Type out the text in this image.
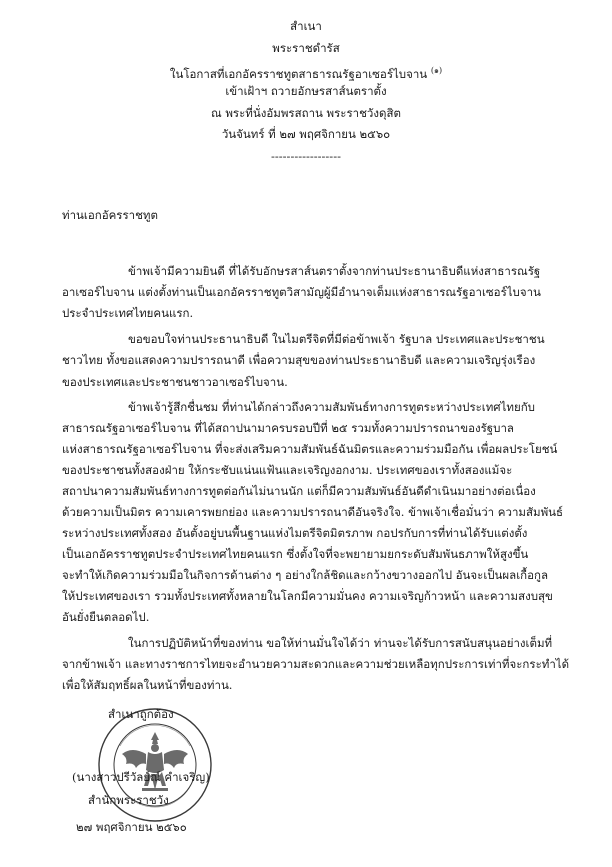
สำเนา
พระราชดำรัส
ในโอกาสที่เอกอัครราชทูตสาธารณรัฐอาเซอร์ไบจาน $^{(๑)}$
เข้าเฝ้าฯ ถวายอักษรสาส์นตราตั้ง
ณ พระที่นั่งอัมพรสถาน พระราชวังดุสิต
วันจันทร์ ที่ ๒๗ พฤศจิกายน ๒๕๖๐
------------------
ท่านเอกอัครราชทูต
ข้าพเจ้ามีความยินดี ที่ได้รับอักษรสาส์นตราตั้งจากท่านประธานาธิบดีแห่งสาธารณรัฐ
อาเซอร์ไบจาน แต่งตั้งท่านเป็นเอกอัครราชทูตวิสามัญผู้มีอำนาจเต็มแห่งสาธารณรัฐอาเซอร์ไบจาน
ประจำประเทศไทยคนแรก.
ขอขอบใจท่านประธานาธิบดี ในไมตรีจิตที่มีต่อข้าพเจ้า รัฐบาล ประเทศและประชาชน
ชาวไทย ทั้งขอแสดงความปรารถนาดี เพื่อความสุขของท่านประธานาธิบดี และความเจริญรุ่งเรือง
ของประเทศและประชาชนชาวอาเซอร์ไบจาน.
ข้าพเจ้ารู้สึกชื่นชม ที่ท่านได้กล่าวถึงความสัมพันธ์ทางการทูตระหว่างประเทศไทยกับ
สาธารณรัฐอาเซอร์ไบจาน ที่ได้สถาปนามาครบรอบปีที่ ๒๕ รวมทั้งความปรารถนาของรัฐบาล
แห่งสาธารณรัฐอาเซอร์ไบจาน ที่จะส่งเสริมความสัมพันธ์ฉันมิตรและความร่วมมือกัน เพื่อผลประโยชน์
ของประชาชนทั้งสองฝ่าย ให้กระชับแน่นแฟ้นและเจริญงอกงาม. ประเทศของเราทั้งสองแม้จะ
สถาปนาความสัมพันธ์ทางการทูตต่อกันไม่นานนัก แต่ก็มีความสัมพันธ์อันดีดำเนินมาอย่างต่อเนื่อง
ด้วยความเป็นมิตร ความเคารพยกย่อง และความปรารถนาดีอันจริงใจ. ข้าพเจ้าเชื่อมั่นว่า ความสัมพันธ์
ระหว่างประเทศทั้งสอง อันตั้งอยู่บนพื้นฐานแห่งไมตรีจิตมิตรภาพ กอปรกับการที่ท่านได้รับแต่งตั้ง
เป็นเอกอัครราชทูตประจำประเทศไทยคนแรก ซึ่งตั้งใจที่จะพยายามยกระดับสัมพันธภาพให้สูงขึ้น
จะทำให้เกิดความร่วมมือในกิจการด้านต่าง ๆ อย่างใกล้ชิดและกว้างขวางออกไป อันจะเป็นผลเกื้อกูล
ให้ประเทศของเรา รวมทั้งประเทศทั้งหลายในโลกมีความมั่นคง ความเจริญก้าวหน้า และความสงบสุข
อันยั่งยืนตลอดไป.
ในการปฏิบัติหน้าที่ของท่าน ขอให้ท่านมั่นใจได้ว่า ท่านจะได้รับการสนับสนุนอย่างเต็มที่
จากข้าพเจ้า และทางราชการไทยจะอำนวยความสะดวกและความช่วยเหลือทุกประการเท่าที่จะกระทำได้
เพื่อให้สัมฤทธิ์ผลในหน้าที่ของท่าน.
สำเนาถูกต้อง
(นางสาวปรีวัลย์ณ์ คำเจริญ)
สำนักพระราชวัง
๒๗ พฤศจิกายน ๒๕๖๐
